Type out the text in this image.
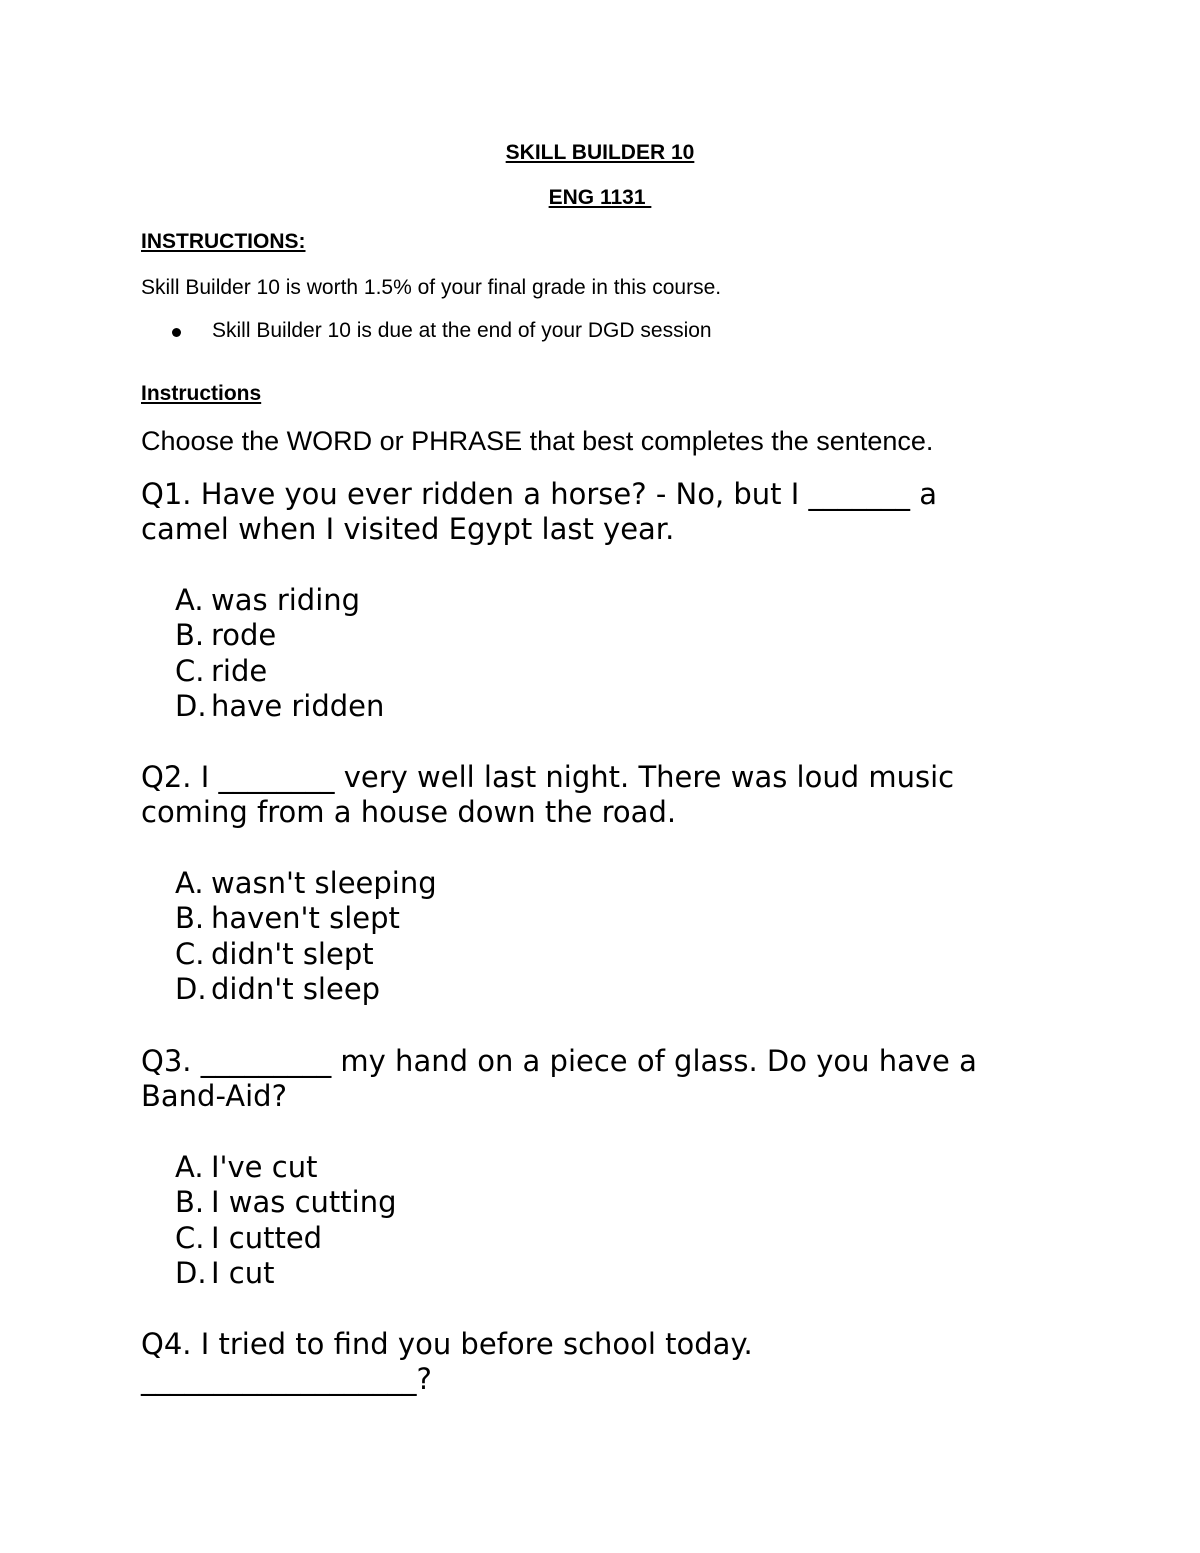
SKILL BUILDER 10
ENG 1131
INSTRUCTIONS:
Skill Builder 10 is worth 1.5% of your final grade in this course.
Skill Builder 10 is due at the end of your DGD session
Instructions
Choose the WORD or PHRASE that best completes the sentence.
Q1. Have you ever ridden a horse? - No, but I _______ a
camel when I visited Egypt last year.
A. was riding
B. rode
C. ride
D. have ridden
Q2. I ________ very well last night. There was loud music
coming from a house down the road.
A. wasn't sleeping
B. haven't slept
C. didn't slept
D. didn't sleep
Q3. _________ my hand on a piece of glass. Do you have a
Band-Aid?
A. I've cut
B. I was cutting
C. I cutted
D. I cut
Q4. I tried to find you before school today.
___________________?
